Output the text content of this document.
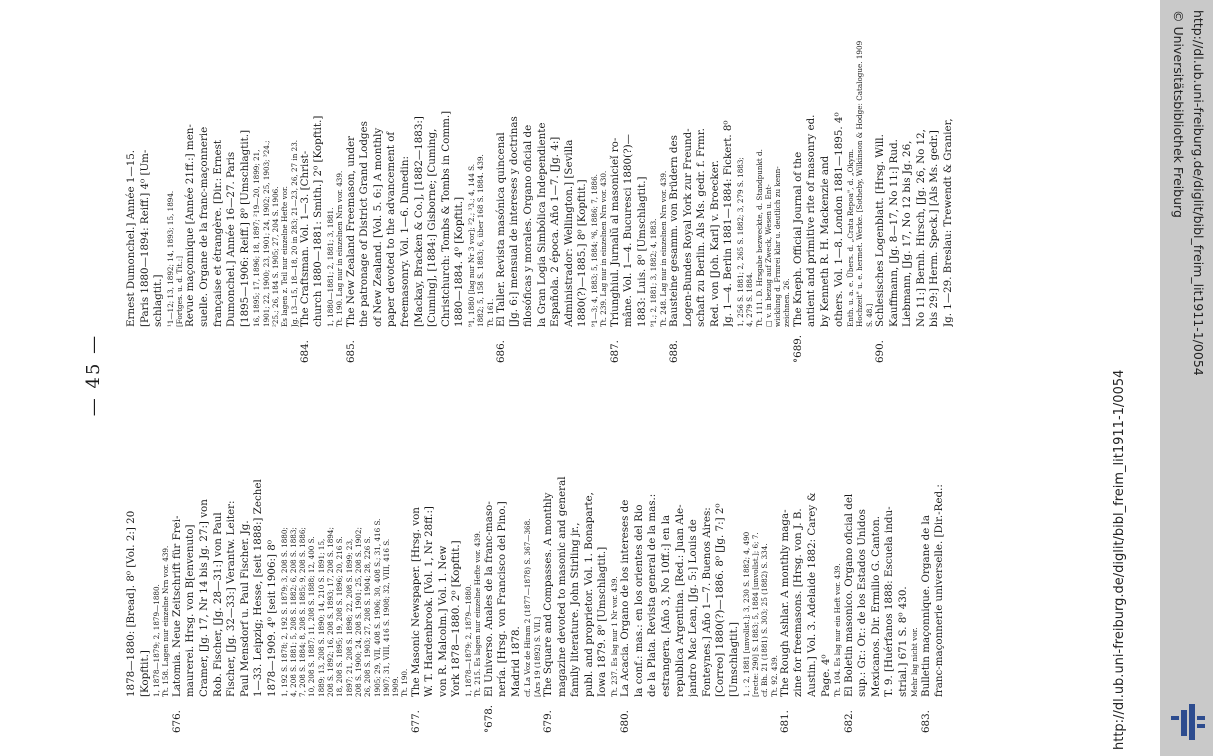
— 45 —
1878—1880: [Bread]. 8⁰ [Vol. 2:] 20 [Kopftit.] 1, 1878—1879; 2, 1879—1880. Tt. 158. Lagen nur einzelne Nrn vor. 439.
676.
Latomia. Neue Zeitschrift für Frei- maurerei. Hrsg. von B[envenuto] Cramer, [Jg. 17, Nr 14 bis Jg. 27:] von Rob. Fischer, [Jg. 28—31:] von Paul Fischer, [Jg. 32—33:] Verantw. Leiter: Paul Mensdorf u. Paul Fischer. Jg. 1—33. Leipzig; Hesse, [seit 1888:] Zechel 1878—1909. 4⁰ [seit 1906:] 8⁰ 1, 192 S. 1878; 2, 192 S. 1879; 3, 208 S. 1880; 4, 208 S. 1881; 5, 208 S. 1882; 6, 208 S. 1883; 7, 208 S. 1884; 8, 208 S. 1885; 9, 208 S. 1886; 10, 208 S. 1887; 11, 208 S. 1888; 12, 400 S. 1889; 13, 208 S. 1890; 14, 210 S. 1891; 15, 208 S. 1892; 16, 208 S. 1893; 17, 208 S. 1894; 18, 208 S. 1895; 19, 208 S. 1896; 20, 216 S. 1897; 21, 208 S. 1898; 22, 208 S. 1899; 23, 208 S. 1900; 24, 208 S. 1901; 25, 208 S. 1902; 26, 208 S. 1903; 27, 208 S. 1904; 28, 226 S. 1905; 29, VII, 408 S. 1906; 30, 408 S.; 31, 416 S. 1907; 31, VIII, 416 S. 1908; 32, VIII, 416 S. 1909. Tt. 190.
677.
The Masonic Newspaper. [Hrsg. von W. T. Hardenbrook. [Vol. 1, Nr 28ff.:] von R. Malcolm.] Vol. 1. New York 1878—1880. 2⁰ [Kopftit.] 1, 1878—1879; 2, 1879—1880. Tt. 215. Es lagen nur einzelne Hefte vor. 439.
°678.
El Universo. Anales de la franc-maso- nería. [Hrsg. von Francisco del Pino.] Madrid 1878. cf. La Voz de Hiram 2 (1877—1878) S. 367—368. [Ars 19 (1892) S. VII.]
679.
The Square and Compasses. A monthly magazine devoted to masonic and general family literature. John Stirling jr., publ. and proprietor. Vol. 1. Bonaparte, Iowa 1879. 8⁰ [Umschlagtit.] Tt. 237. Es lag nur 1 Nr vor. 439.
680.
La Acacia. Organo de los intereses de la conf.: mas.: en los orientes del Rio de la Plata. Revista general de la mas.: estrangera. [Año 3, No 10ff.:] en la republica Argentina. [Red.: Juan Ale- jandro Mac Lean, [Jg. 5:] Louis de Fonteynes.] Año 1—7. Buenos Aires: [Correo] 1880(?)—1886. 8⁰ [Jg. 7:] 2⁰ [Umschlagtit.] 1, : 2, 1881 [unvollst.]; 3, 230 S. 1882; 4, 490 [recte: 290] S. 1883; 5, 1884 [unvollst.]; 6; 7. cf. Bh. 21 (1881) S. 303; 25 (1882) S. 334. Tt. 92. 439.
681.
The Rough Ashlar. A monthly maga- zine for freemasons. [Hrsg. von J. B. Austin.] Vol. 3. Adelaide 1882: Carey & Page. 4⁰ Tt. 104. Es lag nur ein Heft vor. 439.
682.
El Boletin masonico. Organo oficial del sup.: Gr.: Or.: de los Estados Unidos Mexicanos. Dir. Ermilio G. Canton. T. 9. [Huérfanos 1888: Escuela indu- strial.] 671 S. 8⁰ 430. Mehr lag nicht vor.
683.
Bulletin maçonnique. Organe de la franc-maçonnerie universelle. [Dir.-Red.:
Ernest Dumonchel.] Année 1—15. [Paris 1880—1894: Reiff.] 4⁰ [Um- schlagtit.] ¹1—12; 13, 1892; 14, 1893; 15, 1894. [Fortges. u. d. Tit.:] Revue maçonnique [Année 21ff.:] men- suelle. Organe de la franc-maçonnerie française et étrangère. [Dir.: Ernest Dumonchel.] Année 16—27. Paris [1895—1906: Reiff.] 8⁰ [Umschlagtit.] 16, 1895; 17, 1896; 18, 1897; ²19—20, 1899; 21, 1901; 22, 1900; 23, 1901; 24, 1902; 25, 1903; ³24.; ²25.; 26, 184 S. 1905; 27, 204 S. 1906. Es lagen z. Teil nur einzelne Hefte vor. Jg. 13—15, 18—18, 20 in 283; 21—23, 26, 27 in 23.
684.
The Craftsman. Vol. 1—3. [Christ- church 1880—1881: Smith.] 2⁰ [Kopftit.] 1, 1880—1881; 2, 1881; 3, 1881. Tt. 190. Lag nur in einzelnen Nrn vor. 439.
685.
The New Zealand Freemason, under the patronage of District Grand Lodges of New Zealand. [Vol. 5. 6:] A monthly paper devoted to the advancement of freemasonry. Vol. 1—6. Dunedin: [Mackay, Bracken & Co.], [1882—1883:] [Cuming], [1884:] Gisborne; [Cuming, Christchurch: Tombs & Tombs in Comm.] 1880—1884. 4⁰ [Kopftit.] ⁹1, 1880 [lag nur Nr 3 vor]; ²2.; ³3.; 4, 144 S. 1882; 5, 158 S. 1883; 6, über 168 S. 1884. 439. Tt. 161.
686.
El Taller. Revista masónica quincenal [Jg. 6:] mensual de intereses y doctrinas filosóficas y morales. Organo oficial de la Gran Logia Simbólica Independiente Española. 2 época. Año 1—7. [Jg. 4:] Administrador: Wellington.] [Sevilla 1880(?)—1885.] 8⁰ [Kopftit.] ⁹1—3; 4, 1883; 5, 1884; ⁹6, 1886; 7, 1886. Tt. 239. Lag nur in einzelnen Nrn vor. 430.
687.
Triunghiul. Jurnalŭ al masonicieǐ ro- mâne. Vol. 1—4. Bucuresci 1880(?)— 1883: Luis. 8⁰ [Umschlagtit.] ⁹1.; 2, 1881; 3, 1882; 4, 1883. Tt. 248. Lag nur in einzelnen Nrn vor. 439.
688.
Bausteine gesamm. von Brüdern des Logen-Bundes Royal York zur Freund- schaft zu Berlin. Als Ms. gedr. f. Frmr. Red. von [Joh. Karl] v. Broecker. Jg. 1—4. Berlin 1881—1884: Fickert. 8⁰ 1, 256 S. 1881; 2, 265 S. 1882; 3, 279 S. 1883; 4, 279 S. 1884. Tt. 111. D. Hrsgabe bezweckte, d. Standpunkt d. □ v. in bezug auf Zweck, Wesen u. Ent- wicklung d. Frmrei klar u. deutlich zu kenn- zeichnen. 26.
°689.
The Kneph. Official Journal of the antient and primitive rite of masonry ed. by Kenneth R. H. Mackenzie and others. Vol. 1—8. London 1881—1895. 4⁰ Enth. u. a. e. Übers. d. „Crata Repoa", d. „Okym. Hochzeit" u. e. hermet. Werke. [Sotheby, Wilkinson & Hodge: Catalogue. 1909 S. 48.]
690.
Schlesisches Logenblatt. [Hrsg. Will. Kauffmann, [Jg. 8—17, No 11:] Rud. Liebmann, [Jg. 17, No 12 bis Jg. 26, No 11:] Bernh. Hirsch, [Jg. 26, No 12, bis 29:] Herm. Speck.] [Als Ms. gedr.] Jg. 1—29. Breslau: Trewendt & Granier,
http://dl.ub.uni-freiburg.de/diglit/bibl_freim_lit1911-1/0054
http://dl.ub.uni-freiburg.de/diglit/bibl_freim_lit1911-1/0054
© Universitätsbibliothek Freiburg
